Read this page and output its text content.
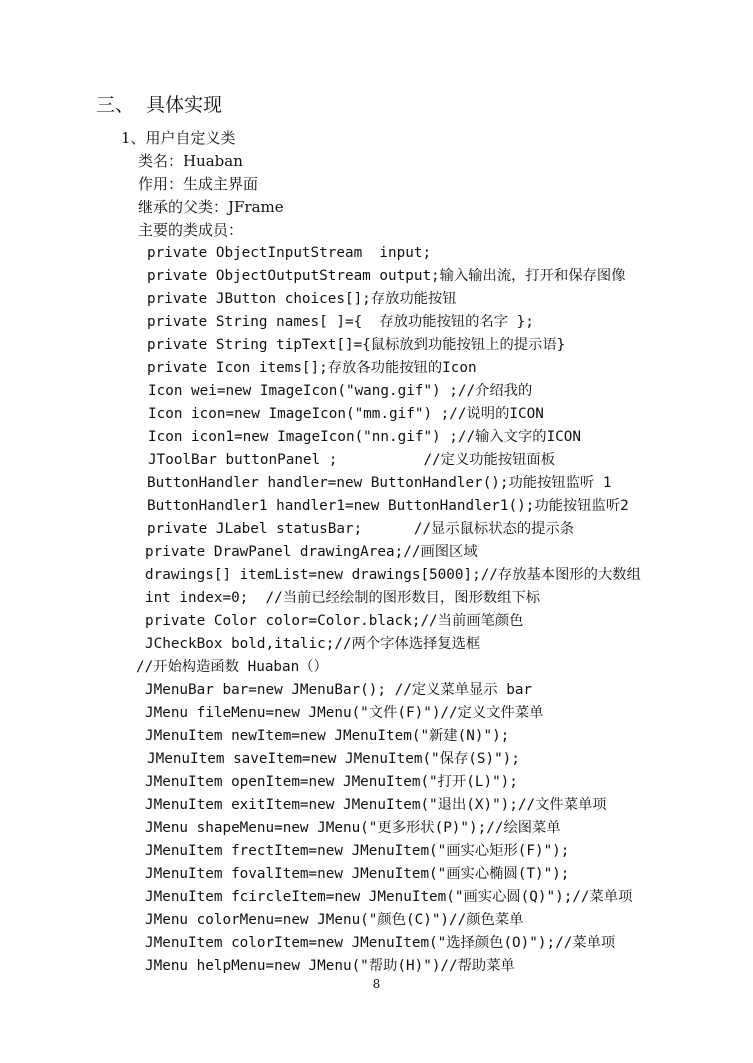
三、  具体实现
1、用户自定义类
类名：Huaban
作用：生成主界面
继承的父类：JFrame
主要的类成员：
private ObjectInputStream  input;
private ObjectOutputStream output;输入输出流，打开和保存图像
private JButton choices[];存放功能按钮
private String names[ ]={  存放功能按钮的名字 };
private String tipText[]={鼠标放到功能按钮上的提示语}
private Icon items[];存放各功能按钮的Icon
Icon wei=new ImageIcon("wang.gif") ;//介绍我的
Icon icon=new ImageIcon("mm.gif") ;//说明的ICON
Icon icon1=new ImageIcon("nn.gif") ;//输入文字的ICON
JToolBar buttonPanel ;          //定义功能按钮面板
ButtonHandler handler=new ButtonHandler();功能按钮监听 1
ButtonHandler1 handler1=new ButtonHandler1();功能按钮监听2
private JLabel statusBar;      //显示鼠标状态的提示条
private DrawPanel drawingArea;//画图区域
drawings[] itemList=new drawings[5000];//存放基本图形的大数组
int index=0;  //当前已经绘制的图形数目，图形数组下标
private Color color=Color.black;//当前画笔颜色
JCheckBox bold,italic;//两个字体选择复选框
//开始构造函数 Huaban（）
JMenuBar bar=new JMenuBar(); //定义菜单显示 bar
JMenu fileMenu=new JMenu("文件(F)")//定义文件菜单
JMenuItem newItem=new JMenuItem("新建(N)");
JMenuItem saveItem=new JMenuItem("保存(S)");
JMenuItem openItem=new JMenuItem("打开(L)");
JMenuItem exitItem=new JMenuItem("退出(X)");//文件菜单项
JMenu shapeMenu=new JMenu("更多形状(P)");//绘图菜单
JMenuItem frectItem=new JMenuItem("画实心矩形(F)");
JMenuItem fovalItem=new JMenuItem("画实心椭圆(T)");
JMenuItem fcircleItem=new JMenuItem("画实心圆(Q)");//菜单项
JMenu colorMenu=new JMenu("颜色(C)")//颜色菜单
JMenuItem colorItem=new JMenuItem("选择颜色(O)");//菜单项
JMenu helpMenu=new JMenu("帮助(H)")//帮助菜单
8
